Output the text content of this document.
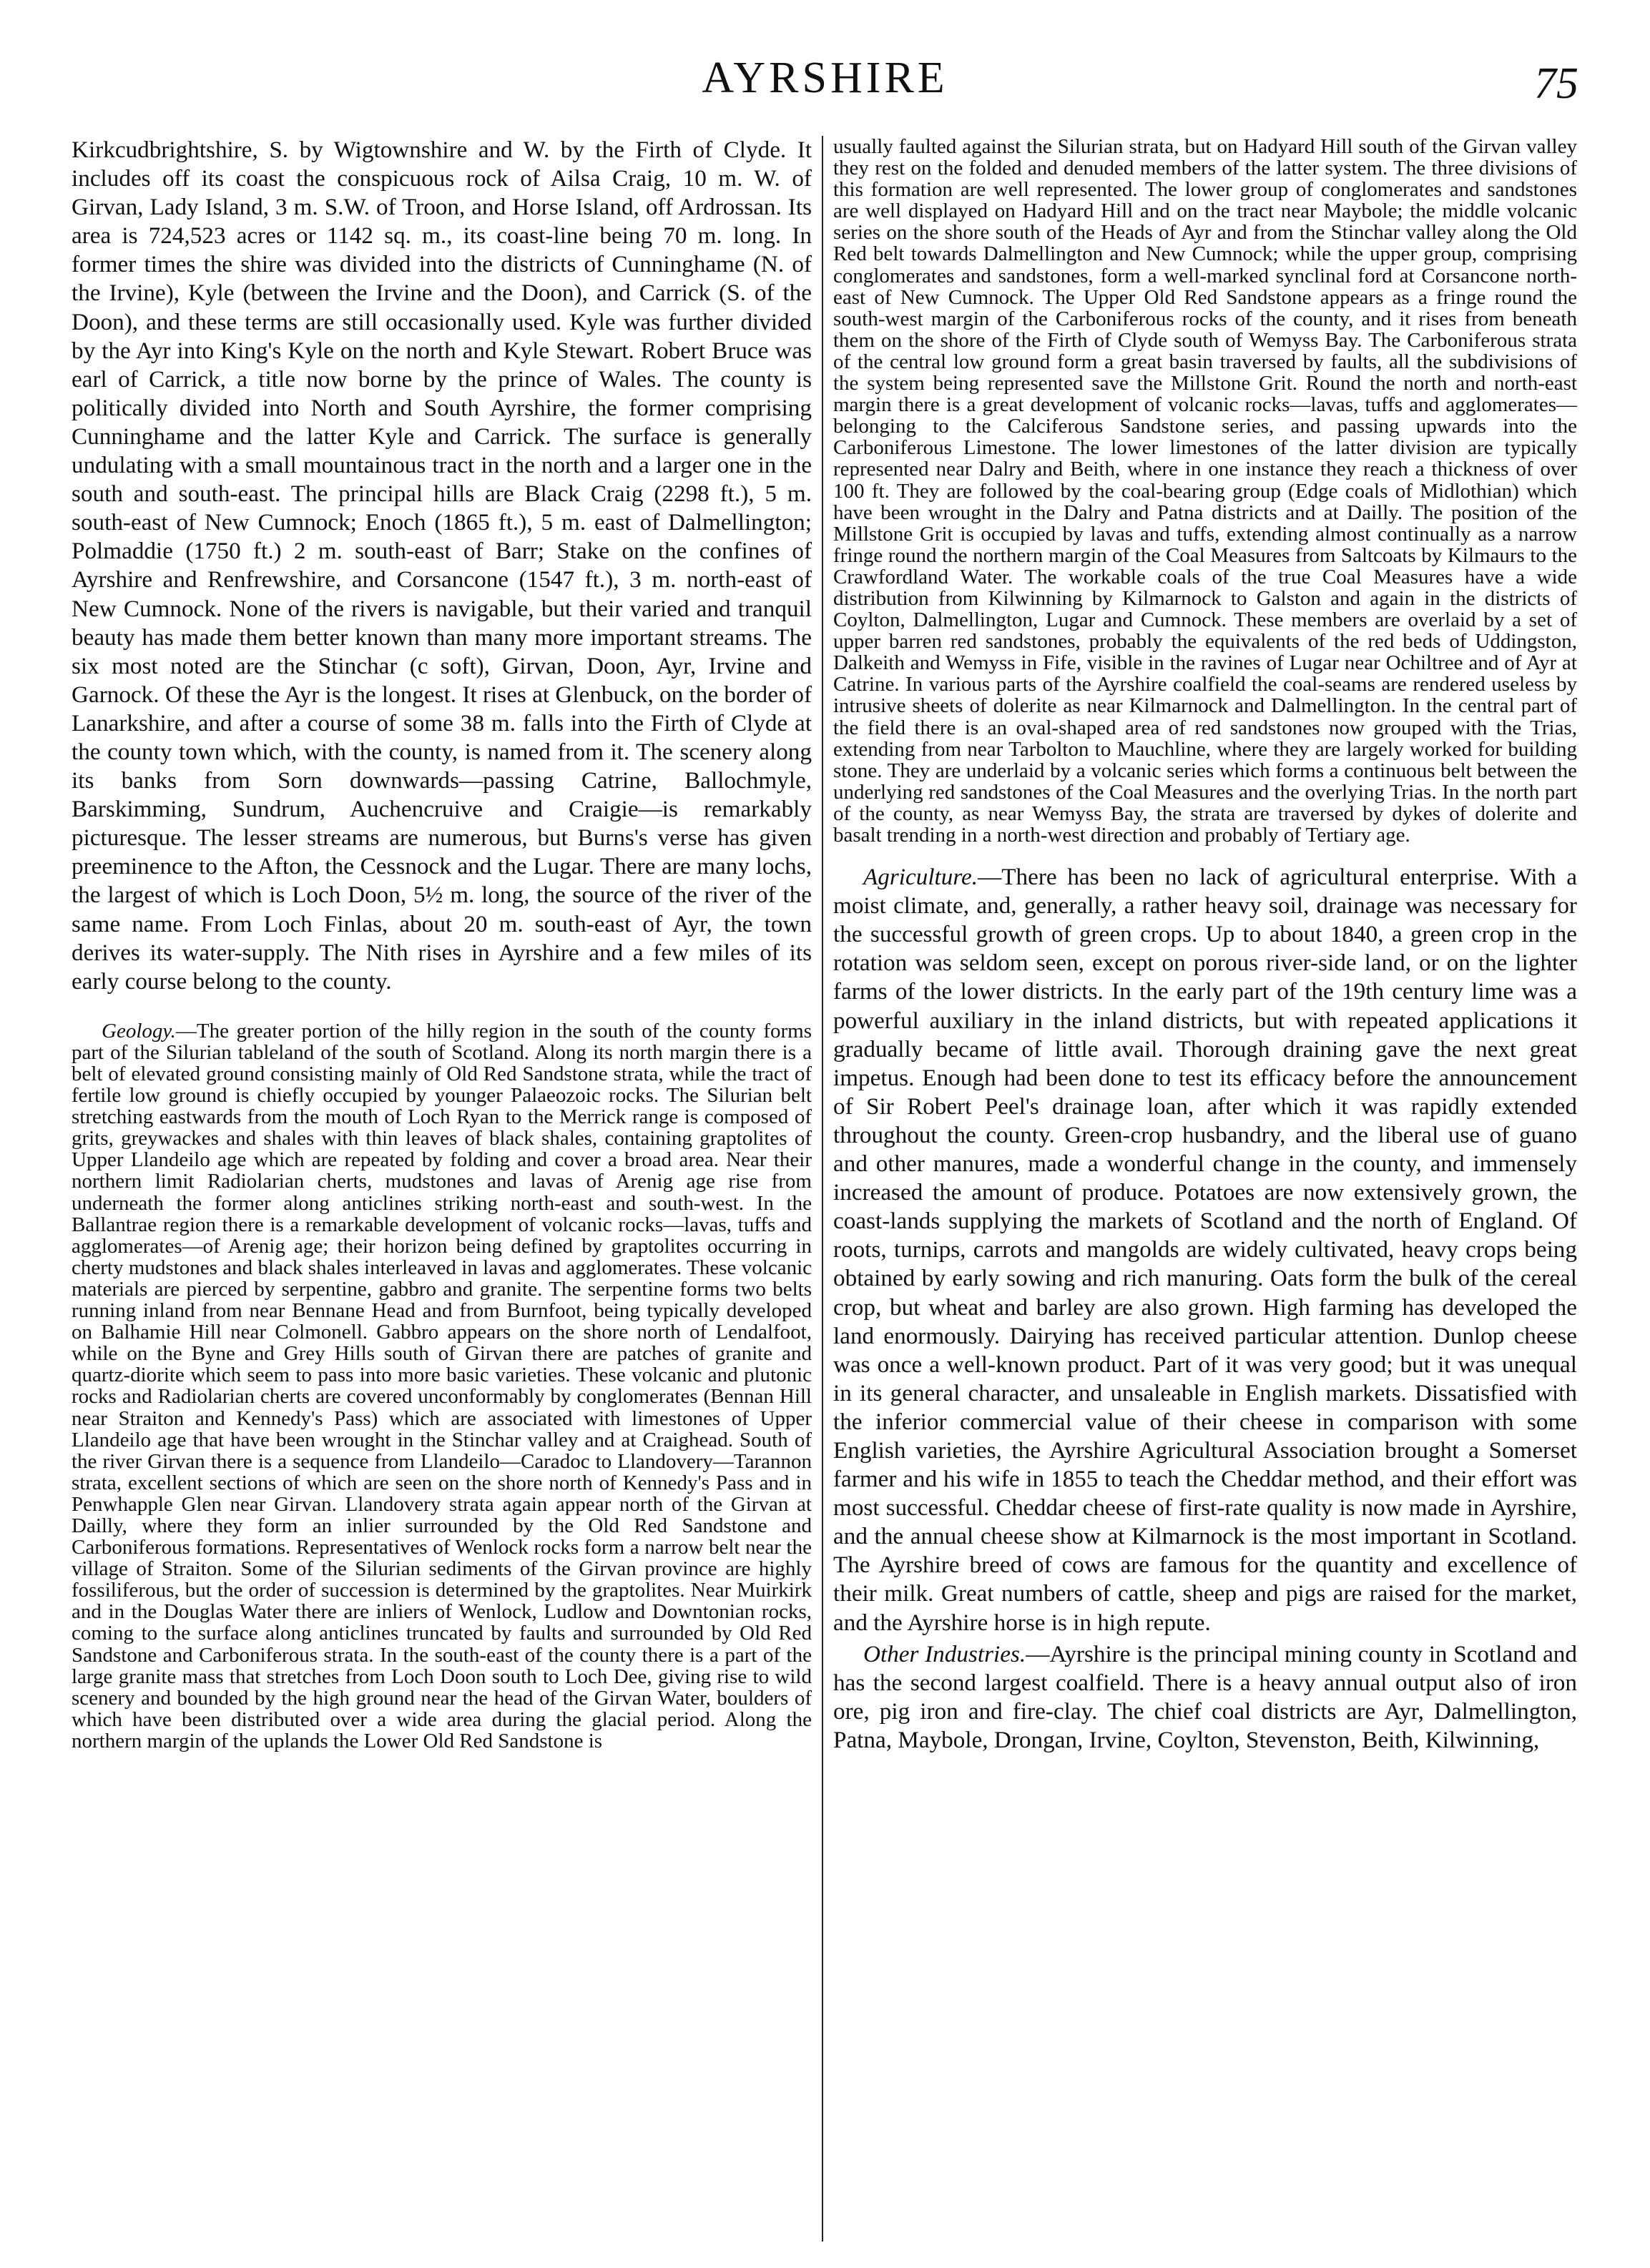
AYRSHIRE	75

Kirkcudbrightshire, S. by Wigtownshire and W. by the Firth of Clyde. It includes off its coast the conspicuous rock of Ailsa Craig, 10 m. W. of Girvan, Lady Island, 3 m. S.W. of Troon, and Horse Island, off Ardrossan. Its area is 724,523 acres or 1142 sq. m., its coast-line being 70 m. long. In former times the shire was divided into the districts of Cunninghame (N. of the Irvine), Kyle (between the Irvine and the Doon), and Carrick (S. of the Doon), and these terms are still occasionally used. Kyle was further divided by the Ayr into King's Kyle on the north and Kyle Stewart. Robert Bruce was earl of Carrick, a title now borne by the prince of Wales. The county is politically divided into North and South Ayrshire, the former comprising Cunninghame and the latter Kyle and Carrick. The surface is generally undulating with a small mountainous tract in the north and a larger one in the south and south-east. The principal hills are Black Craig (2298 ft.), 5 m. south-east of New Cumnock; Enoch (1865 ft.), 5 m. east of Dalmellington; Polmaddie (1750 ft.) 2 m. south-east of Barr; Stake on the confines of Ayrshire and Renfrewshire, and Corsancone (1547 ft.), 3 m. north-east of New Cumnock. None of the rivers is navigable, but their varied and tranquil beauty has made them better known than many more important streams. The six most noted are the Stinchar (c soft), Girvan, Doon, Ayr, Irvine and Garnock. Of these the Ayr is the longest. It rises at Glenbuck, on the border of Lanarkshire, and after a course of some 38 m. falls into the Firth of Clyde at the county town which, with the county, is named from it. The scenery along its banks from Sorn downwards—passing Catrine, Ballochmyle, Barskimming, Sundrum, Auchencruive and Craigie—is remarkably picturesque. The lesser streams are numerous, but Burns's verse has given preeminence to the Afton, the Cessnock and the Lugar. There are many lochs, the largest of which is Loch Doon, 5½ m. long, the source of the river of the same name. From Loch Finlas, about 20 m. south-east of Ayr, the town derives its water-supply. The Nith rises in Ayrshire and a few miles of its early course belong to the county.

Geology.—The greater portion of the hilly region in the south of the county forms part of the Silurian tableland of the south of Scotland. Along its north margin there is a belt of elevated ground consisting mainly of Old Red Sandstone strata, while the tract of fertile low ground is chiefly occupied by younger Palaeozoic rocks. The Silurian belt stretching eastwards from the mouth of Loch Ryan to the Merrick range is composed of grits, greywackes and shales with thin leaves of black shales, containing graptolites of Upper Llandeilo age which are repeated by folding and cover a broad area. Near their northern limit Radiolarian cherts, mudstones and lavas of Arenig age rise from underneath the former along anticlines striking north-east and south-west. In the Ballantrae region there is a remarkable development of volcanic rocks—lavas, tuffs and agglomerates—of Arenig age; their horizon being defined by graptolites occurring in cherty mudstones and black shales interleaved in lavas and agglomerates. These volcanic materials are pierced by serpentine, gabbro and granite. The serpentine forms two belts running inland from near Bennane Head and from Burnfoot, being typically developed on Balhamie Hill near Colmonell. Gabbro appears on the shore north of Lendalfoot, while on the Byne and Grey Hills south of Girvan there are patches of granite and quartz-diorite which seem to pass into more basic varieties. These volcanic and plutonic rocks and Radiolarian cherts are covered unconformably by conglomerates (Bennan Hill near Straiton and Kennedy's Pass) which are associated with limestones of Upper Llandeilo age that have been wrought in the Stinchar valley and at Craighead. South of the river Girvan there is a sequence from Llandeilo—Caradoc to Llandovery—Tarannon strata, excellent sections of which are seen on the shore north of Kennedy's Pass and in Penwhapple Glen near Girvan. Llandovery strata again appear north of the Girvan at Dailly, where they form an inlier surrounded by the Old Red Sandstone and Carboniferous formations. Representatives of Wenlock rocks form a narrow belt near the village of Straiton. Some of the Silurian sediments of the Girvan province are highly fossiliferous, but the order of succession is determined by the graptolites. Near Muirkirk and in the Douglas Water there are inliers of Wenlock, Ludlow and Downtonian rocks, coming to the surface along anticlines truncated by faults and surrounded by Old Red Sandstone and Carboniferous strata. In the south-east of the county there is a part of the large granite mass that stretches from Loch Doon south to Loch Dee, giving rise to wild scenery and bounded by the high ground near the head of the Girvan Water, boulders of which have been distributed over a wide area during the glacial period. Along the northern margin of the uplands the Lower Old Red Sandstone is

usually faulted against the Silurian strata, but on Hadyard Hill south of the Girvan valley they rest on the folded and denuded members of the latter system. The three divisions of this formation are well represented. The lower group of conglomerates and sandstones are well displayed on Hadyard Hill and on the tract near Maybole; the middle volcanic series on the shore south of the Heads of Ayr and from the Stinchar valley along the Old Red belt towards Dalmellington and New Cumnock; while the upper group, comprising conglomerates and sandstones, form a well-marked synclinal ford at Corsancone north-east of New Cumnock. The Upper Old Red Sandstone appears as a fringe round the south-west margin of the Carboniferous rocks of the county, and it rises from beneath them on the shore of the Firth of Clyde south of Wemyss Bay. The Carboniferous strata of the central low ground form a great basin traversed by faults, all the subdivisions of the system being represented save the Millstone Grit. Round the north and north-east margin there is a great development of volcanic rocks—lavas, tuffs and agglomerates—belonging to the Calciferous Sandstone series, and passing upwards into the Carboniferous Limestone. The lower limestones of the latter division are typically represented near Dalry and Beith, where in one instance they reach a thickness of over 100 ft. They are followed by the coal-bearing group (Edge coals of Midlothian) which have been wrought in the Dalry and Patna districts and at Dailly. The position of the Millstone Grit is occupied by lavas and tuffs, extending almost continually as a narrow fringe round the northern margin of the Coal Measures from Saltcoats by Kilmaurs to the Crawfordland Water. The workable coals of the true Coal Measures have a wide distribution from Kilwinning by Kilmarnock to Galston and again in the districts of Coylton, Dalmellington, Lugar and Cumnock. These members are overlaid by a set of upper barren red sandstones, probably the equivalents of the red beds of Uddingston, Dalkeith and Wemyss in Fife, visible in the ravines of Lugar near Ochiltree and of Ayr at Catrine. In various parts of the Ayrshire coalfield the coal-seams are rendered useless by intrusive sheets of dolerite as near Kilmarnock and Dalmellington. In the central part of the field there is an oval-shaped area of red sandstones now grouped with the Trias, extending from near Tarbolton to Mauchline, where they are largely worked for building stone. They are underlaid by a volcanic series which forms a continuous belt between the underlying red sandstones of the Coal Measures and the overlying Trias. In the north part of the county, as near Wemyss Bay, the strata are traversed by dykes of dolerite and basalt trending in a north-west direction and probably of Tertiary age.

Agriculture.—There has been no lack of agricultural enterprise. With a moist climate, and, generally, a rather heavy soil, drainage was necessary for the successful growth of green crops. Up to about 1840, a green crop in the rotation was seldom seen, except on porous river-side land, or on the lighter farms of the lower districts. In the early part of the 19th century lime was a powerful auxiliary in the inland districts, but with repeated applications it gradually became of little avail. Thorough draining gave the next great impetus. Enough had been done to test its efficacy before the announcement of Sir Robert Peel's drainage loan, after which it was rapidly extended throughout the county. Green-crop husbandry, and the liberal use of guano and other manures, made a wonderful change in the county, and immensely increased the amount of produce. Potatoes are now extensively grown, the coast-lands supplying the markets of Scotland and the north of England. Of roots, turnips, carrots and mangolds are widely cultivated, heavy crops being obtained by early sowing and rich manuring. Oats form the bulk of the cereal crop, but wheat and barley are also grown. High farming has developed the land enormously. Dairying has received particular attention. Dunlop cheese was once a well-known product. Part of it was very good; but it was unequal in its general character, and unsaleable in English markets. Dissatisfied with the inferior commercial value of their cheese in comparison with some English varieties, the Ayrshire Agricultural Association brought a Somerset farmer and his wife in 1855 to teach the Cheddar method, and their effort was most successful. Cheddar cheese of first-rate quality is now made in Ayrshire, and the annual cheese show at Kilmarnock is the most important in Scotland. The Ayrshire breed of cows are famous for the quantity and excellence of their milk. Great numbers of cattle, sheep and pigs are raised for the market, and the Ayrshire horse is in high repute.

Other Industries.—Ayrshire is the principal mining county in Scotland and has the second largest coalfield. There is a heavy annual output also of iron ore, pig iron and fire-clay. The chief coal districts are Ayr, Dalmellington, Patna, Maybole, Drongan, Irvine, Coylton, Stevenston, Beith, Kilwinning,
